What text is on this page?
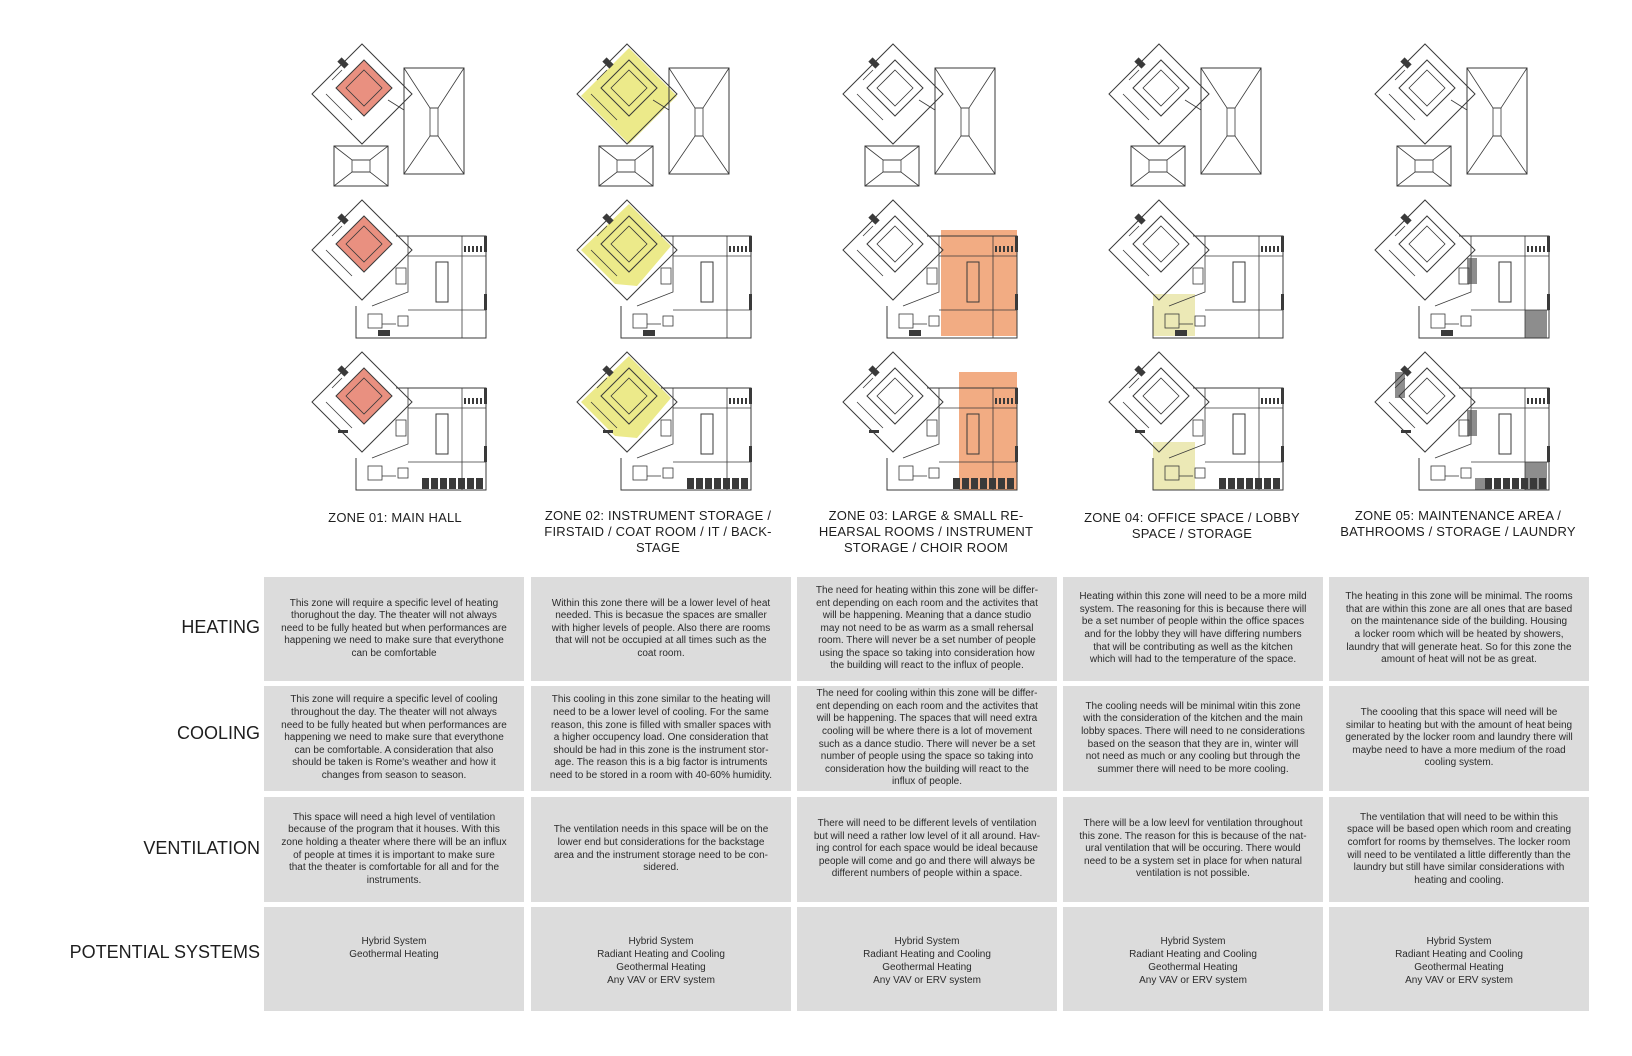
ZONE 01: MAIN HALL	ZONE 02: INSTRUMENT STORAGE / FIRSTAID / COAT ROOM / IT / BACK- STAGE
ZONE 03: LARGE & SMALL RE- HEARSAL ROOMS / INSTRUMENT STORAGE / CHOIR ROOM
ZONE 04: OFFICE SPACE / LOBBY SPACE / STORAGE
ZONE 05: MAINTENANCE AREA / BATHROOMS / STORAGE / LAUNDRY
HEATING
COOLING
VENTILATION
POTENTIAL SYSTEMS
This zone will require a specific level of heating
thorughout the day. The theater will not always
need to be fully heated but when performances are
happening we need to make sure that everythone
can be comfortable
Within this zone there will be a lower level of heat
needed. This is becasue the spaces are smaller
with higher levels of people. Also there are rooms
that will not be occupied at all times such as the
coat room.
The need for heating within this zone will be differ-
ent depending on each room and the activites that
will be happening. Meaning that a dance studio
may not need to be as warm as a small rehersal
room. There will never be a set number of people
using the space so taking into consideration how
the building will react to the influx of people.
Heating within this zone will need to be a more mild
system. The reasoning for this is because there will
be a set number of people within the office spaces
and for the lobby they will have differing numbers
that will be contributing as well as the kitchen
which will had to the temperature of the space.
The heating in this zone will be minimal. The rooms
that are within this zone are all ones that are based
on the maintenance side of the building. Housing
a locker room which will be heated by showers,
laundry that will generate heat. So for this zone the
amount of heat will not be as great.
This zone will require a specific level of cooling
throughout the day. The theater will not always
need to be fully heated but when performances are
happening we need to make sure that everythone
can be comfortable. A consideration that also
should be taken is Rome's weather and how it
changes from season to season.
This cooling in this zone similar to the heating will
need to be a lower level of cooling. For the same
reason, this zone is filled with smaller spaces with
a higher occupency load. One consideration that
should be had in this zone is the instrument stor-
age. The reason this is a big factor is intruments
need to be stored in a room with 40-60% humidity.
The need for cooling within this zone will be differ-
ent depending on each room and the activites that
will be happening. The spaces that will need extra
cooling will be where there is a lot of movement
such as a dance studio. There will never be a set
number of people using the space so taking into
consideration how the building will react to the
influx of people.
The cooling needs will be minimal witin this zone
with the consideration of the kitchen and the main
lobby spaces. There will need to ne considerations
based on the season that they are in, winter will
not need as much or any cooling but through the
summer there will need to be more cooling.
The coooling that this space will need will be
similar to heating but with the amount of heat being
generated by the locker room and laundry there will
maybe need to have a more medium of the road
cooling system.
This space will need a high level of ventilation
because of the program that it houses. With this
zone holding a theater where there will be an influx
of people at times it is important to make sure
that the theater is comfortable for all and for the
instruments.
The ventilation needs in this space will be on the
lower end but considerations for the backstage
area and the instrument storage need to be con-
sidered.
There will need to be different levels of ventilation
but will need a rather low level of it all around. Hav-
ing control for each space would be ideal because
people will come and go and there will always be
different numbers of people within a space.
There will be a low leevl for ventilation throughout
this zone. The reason for this is because of the nat-
ural ventilation that will be occuring. There would
need to be a system set in place for when natural
ventilation is not possible.
The ventilation that will need to be within this
space will be based open which room and creating
comfort for rooms by themselves. The locker room
will need to be ventilated a little differently than the
laundry but still have similar considerations with
heating and cooling.
Hybrid System
Geothermal Heating
Hybrid System
Radiant Heating and Cooling
Geothermal Heating
Any VAV or ERV system
Hybrid System
Radiant Heating and Cooling
Geothermal Heating
Any VAV or ERV system
Hybrid System
Radiant Heating and Cooling
Geothermal Heating
Any VAV or ERV system
Hybrid System
Radiant Heating and Cooling
Geothermal Heating
Any VAV or ERV system
